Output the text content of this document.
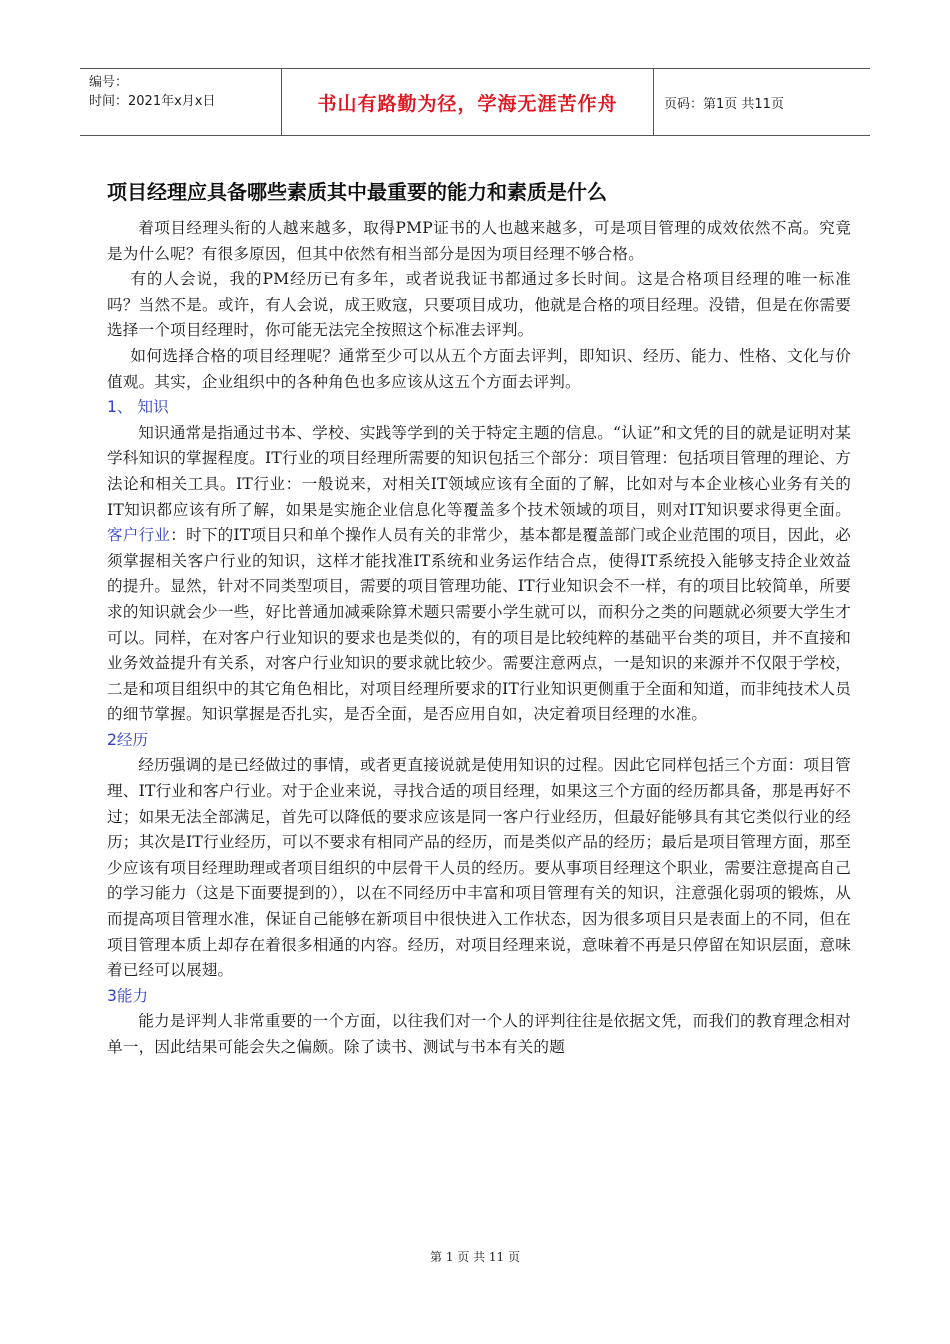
编号：
时间：2021年x月x日	书山有路勤为径，学海无涯苦作舟	页码：第1页 共11页
项目经理应具备哪些素质其中最重要的能力和素质是什么

着项目经理头衔的人越来越多，取得PMP证书的人也越来越多，可是项目管理的成效依然不高。究竟是为什么呢？有很多原因，但其中依然有相当部分是因为项目经理不够合格。

有的人会说，我的PM经历已有多年，或者说我证书都通过多长时间。这是合格项目经理的唯一标准吗？当然不是。或许，有人会说，成王败寇，只要项目成功，他就是合格的项目经理。没错，但是在你需要选择一个项目经理时，你可能无法完全按照这个标准去评判。

如何选择合格的项目经理呢？通常至少可以从五个方面去评判，即知识、经历、能力、性格、文化与价值观。其实，企业组织中的各种角色也多应该从这五个方面去评判。

1、 知识

知识通常是指通过书本、学校、实践等学到的关于特定主题的信息。“认证”和文凭的目的就是证明对某学科知识的掌握程度。IT行业的项目经理所需要的知识包括三个部分：项目管理：包括项目管理的理论、方法论和相关工具。IT行业：一般说来，对相关IT领域应该有全面的了解，比如对与本企业核心业务有关的IT知识都应该有所了解，如果是实施企业信息化等覆盖多个技术领域的项目，则对IT知识要求得更全面。客户行业：时下的IT项目只和单个操作人员有关的非常少，基本都是覆盖部门或企业范围的项目，因此，必须掌握相关客户行业的知识，这样才能找准IT系统和业务运作结合点，使得IT系统投入能够支持企业效益的提升。显然，针对不同类型项目，需要的项目管理功能、IT行业知识会不一样，有的项目比较简单，所要求的知识就会少一些，好比普通加减乘除算术题只需要小学生就可以，而积分之类的问题就必须要大学生才可以。同样，在对客户行业知识的要求也是类似的，有的项目是比较纯粹的基础平台类的项目，并不直接和业务效益提升有关系，对客户行业知识的要求就比较少。需要注意两点，一是知识的来源并不仅限于学校，二是和项目组织中的其它角色相比，对项目经理所要求的IT行业知识更侧重于全面和知道，而非纯技术人员的细节掌握。知识掌握是否扎实，是否全面，是否应用自如，决定着项目经理的水准。

2经历

经历强调的是已经做过的事情，或者更直接说就是使用知识的过程。因此它同样包括三个方面：项目管理、IT行业和客户行业。对于企业来说，寻找合适的项目经理，如果这三个方面的经历都具备，那是再好不过；如果无法全部满足，首先可以降低的要求应该是同一客户行业经历，但最好能够具有其它类似行业的经历；其次是IT行业经历，可以不要求有相同产品的经历，而是类似产品的经历；最后是项目管理方面，那至少应该有项目经理助理或者项目组织的中层骨干人员的经历。要从事项目经理这个职业，需要注意提高自己的学习能力（这是下面要提到的），以在不同经历中丰富和项目管理有关的知识，注意强化弱项的锻炼，从而提高项目管理水准，保证自己能够在新项目中很快进入工作状态，因为很多项目只是表面上的不同，但在项目管理本质上却存在着很多相通的内容。经历，对项目经理来说，意味着不再是只停留在知识层面，意味着已经可以展翅。

3能力

能力是评判人非常重要的一个方面，以往我们对一个人的评判往往是依据文凭，而我们的教育理念相对单一，因此结果可能会失之偏颇。除了读书、测试与书本有关的题

第 1 页 共 11 页
